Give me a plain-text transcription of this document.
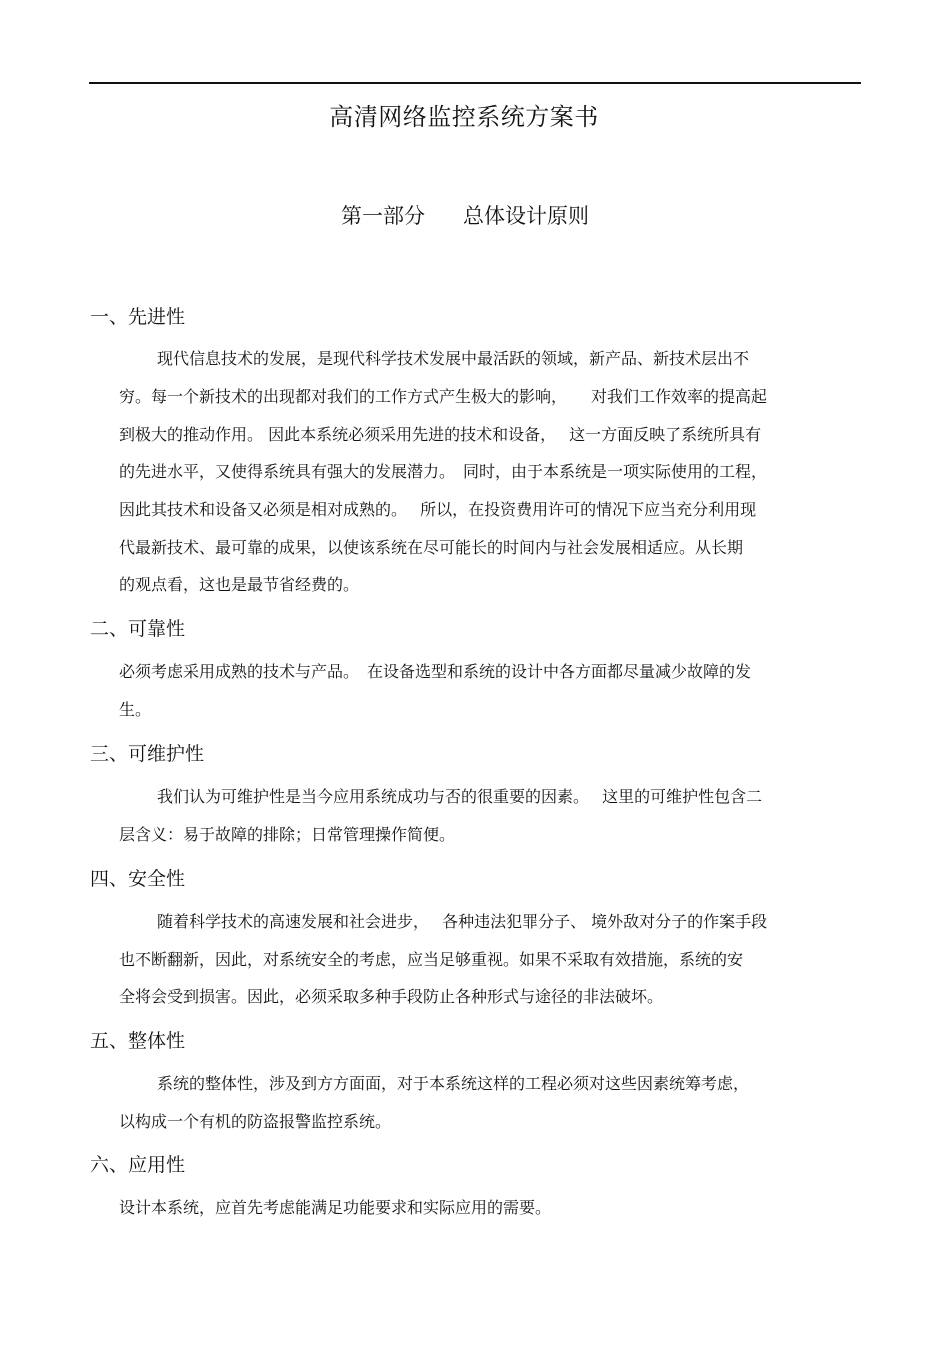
高清网络监控系统方案书
第一部分 总体设计原则
一、先进性
现代信息技术的发展，是现代科学技术发展中最活跃的领域，新产品、新技术层出不
穷。每一个新技术的出现都对我们的工作方式产生极大的影响，　　对我们工作效率的提高起
到极大的推动作用。 因此本系统必须采用先进的技术和设备，　 这一方面反映了系统所具有
的先进水平，又使得系统具有强大的发展潜力。　同时，由于本系统是一项实际使用的工程，
因此其技术和设备又必须是相对成熟的。　 所以，在投资费用许可的情况下应当充分利用现
代最新技术、最可靠的成果，以使该系统在尽可能长的时间内与社会发展相适应。从长期
的观点看，这也是最节省经费的。
二、可靠性
必须考虑采用成熟的技术与产品。　在设备选型和系统的设计中各方面都尽量减少故障的发
生。
三、可维护性
我们认为可维护性是当今应用系统成功与否的很重要的因素。　 这里的可维护性包含二
层含义：易于故障的排除；日常管理操作简便。
四、安全性
随着科学技术的高速发展和社会进步，　 各种违法犯罪分子、 境外敌对分子的作案手段
也不断翻新，因此，对系统安全的考虑，应当足够重视。如果不采取有效措施，系统的安
全将会受到损害。因此，必须采取多种手段防止各种形式与途径的非法破坏。
五、整体性
系统的整体性，涉及到方方面面，对于本系统这样的工程必须对这些因素统筹考虑，
以构成一个有机的防盗报警监控系统。
六、应用性
设计本系统，应首先考虑能满足功能要求和实际应用的需要。
